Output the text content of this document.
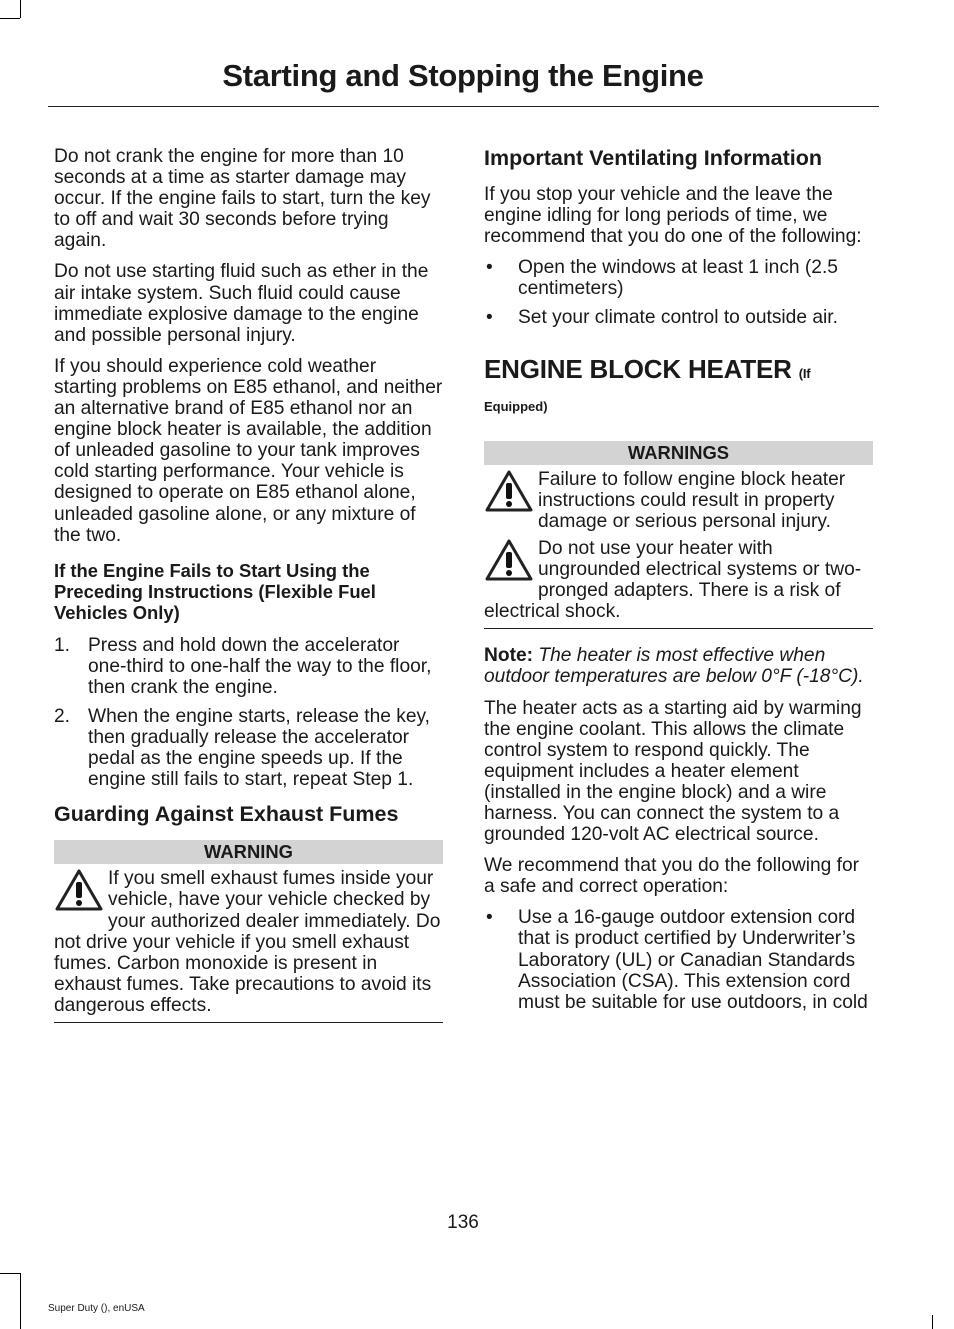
Starting and Stopping the Engine

Do not crank the engine for more than 10 seconds at a time as starter damage may occur. If the engine fails to start, turn the key to off and wait 30 seconds before trying again.

Do not use starting fluid such as ether in the air intake system. Such fluid could cause immediate explosive damage to the engine and possible personal injury.

If you should experience cold weather starting problems on E85 ethanol, and neither an alternative brand of E85 ethanol nor an engine block heater is available, the addition of unleaded gasoline to your tank improves cold starting performance. Your vehicle is designed to operate on E85 ethanol alone, unleaded gasoline alone, or any mixture of the two.

If the Engine Fails to Start Using the Preceding Instructions (Flexible Fuel Vehicles Only)
1. Press and hold down the accelerator one-third to one-half the way to the floor, then crank the engine.
2. When the engine starts, release the key, then gradually release the accelerator pedal as the engine speeds up. If the engine still fails to start, repeat Step 1.
Guarding Against Exhaust Fumes
WARNING
If you smell exhaust fumes inside your vehicle, have your vehicle checked by your authorized dealer immediately. Do not drive your vehicle if you smell exhaust fumes. Carbon monoxide is present in exhaust fumes. Take precautions to avoid its dangerous effects.
Important Ventilating Information

If you stop your vehicle and the leave the engine idling for long periods of time, we recommend that you do one of the following:

• Open the windows at least 1 inch (2.5 centimeters)
• Set your climate control to outside air.
ENGINE BLOCK HEATER (If
Equipped)
WARNINGS
Failure to follow engine block heater instructions could result in property damage or serious personal injury.
Do not use your heater with ungrounded electrical systems or two-pronged adapters. There is a risk of electrical shock.

Note: The heater is most effective when outdoor temperatures are below 0°F (-18°C).

The heater acts as a starting aid by warming the engine coolant. This allows the climate control system to respond quickly. The equipment includes a heater element (installed in the engine block) and a wire harness. You can connect the system to a grounded 120-volt AC electrical source.

We recommend that you do the following for a safe and correct operation:

• Use a 16-gauge outdoor extension cord that is product certified by Underwriter’s Laboratory (UL) or Canadian Standards Association (CSA). This extension cord must be suitable for use outdoors, in cold
136
Super Duty (), enUSA
